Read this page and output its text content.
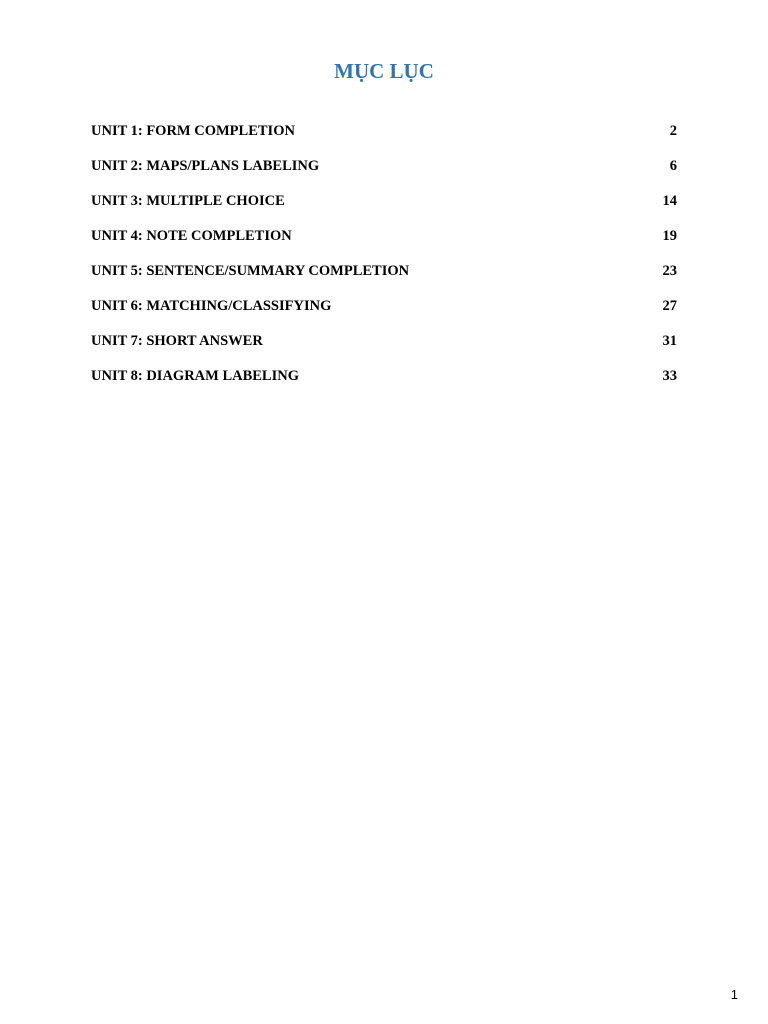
MỤC LỤC
UNIT 1: FORM COMPLETION	2
UNIT 2: MAPS/PLANS LABELING	6
UNIT 3: MULTIPLE CHOICE	14
UNIT 4: NOTE COMPLETION	19
UNIT 5: SENTENCE/SUMMARY COMPLETION	23
UNIT 6: MATCHING/CLASSIFYING	27
UNIT 7: SHORT ANSWER	31
UNIT 8: DIAGRAM LABELING	33
1
